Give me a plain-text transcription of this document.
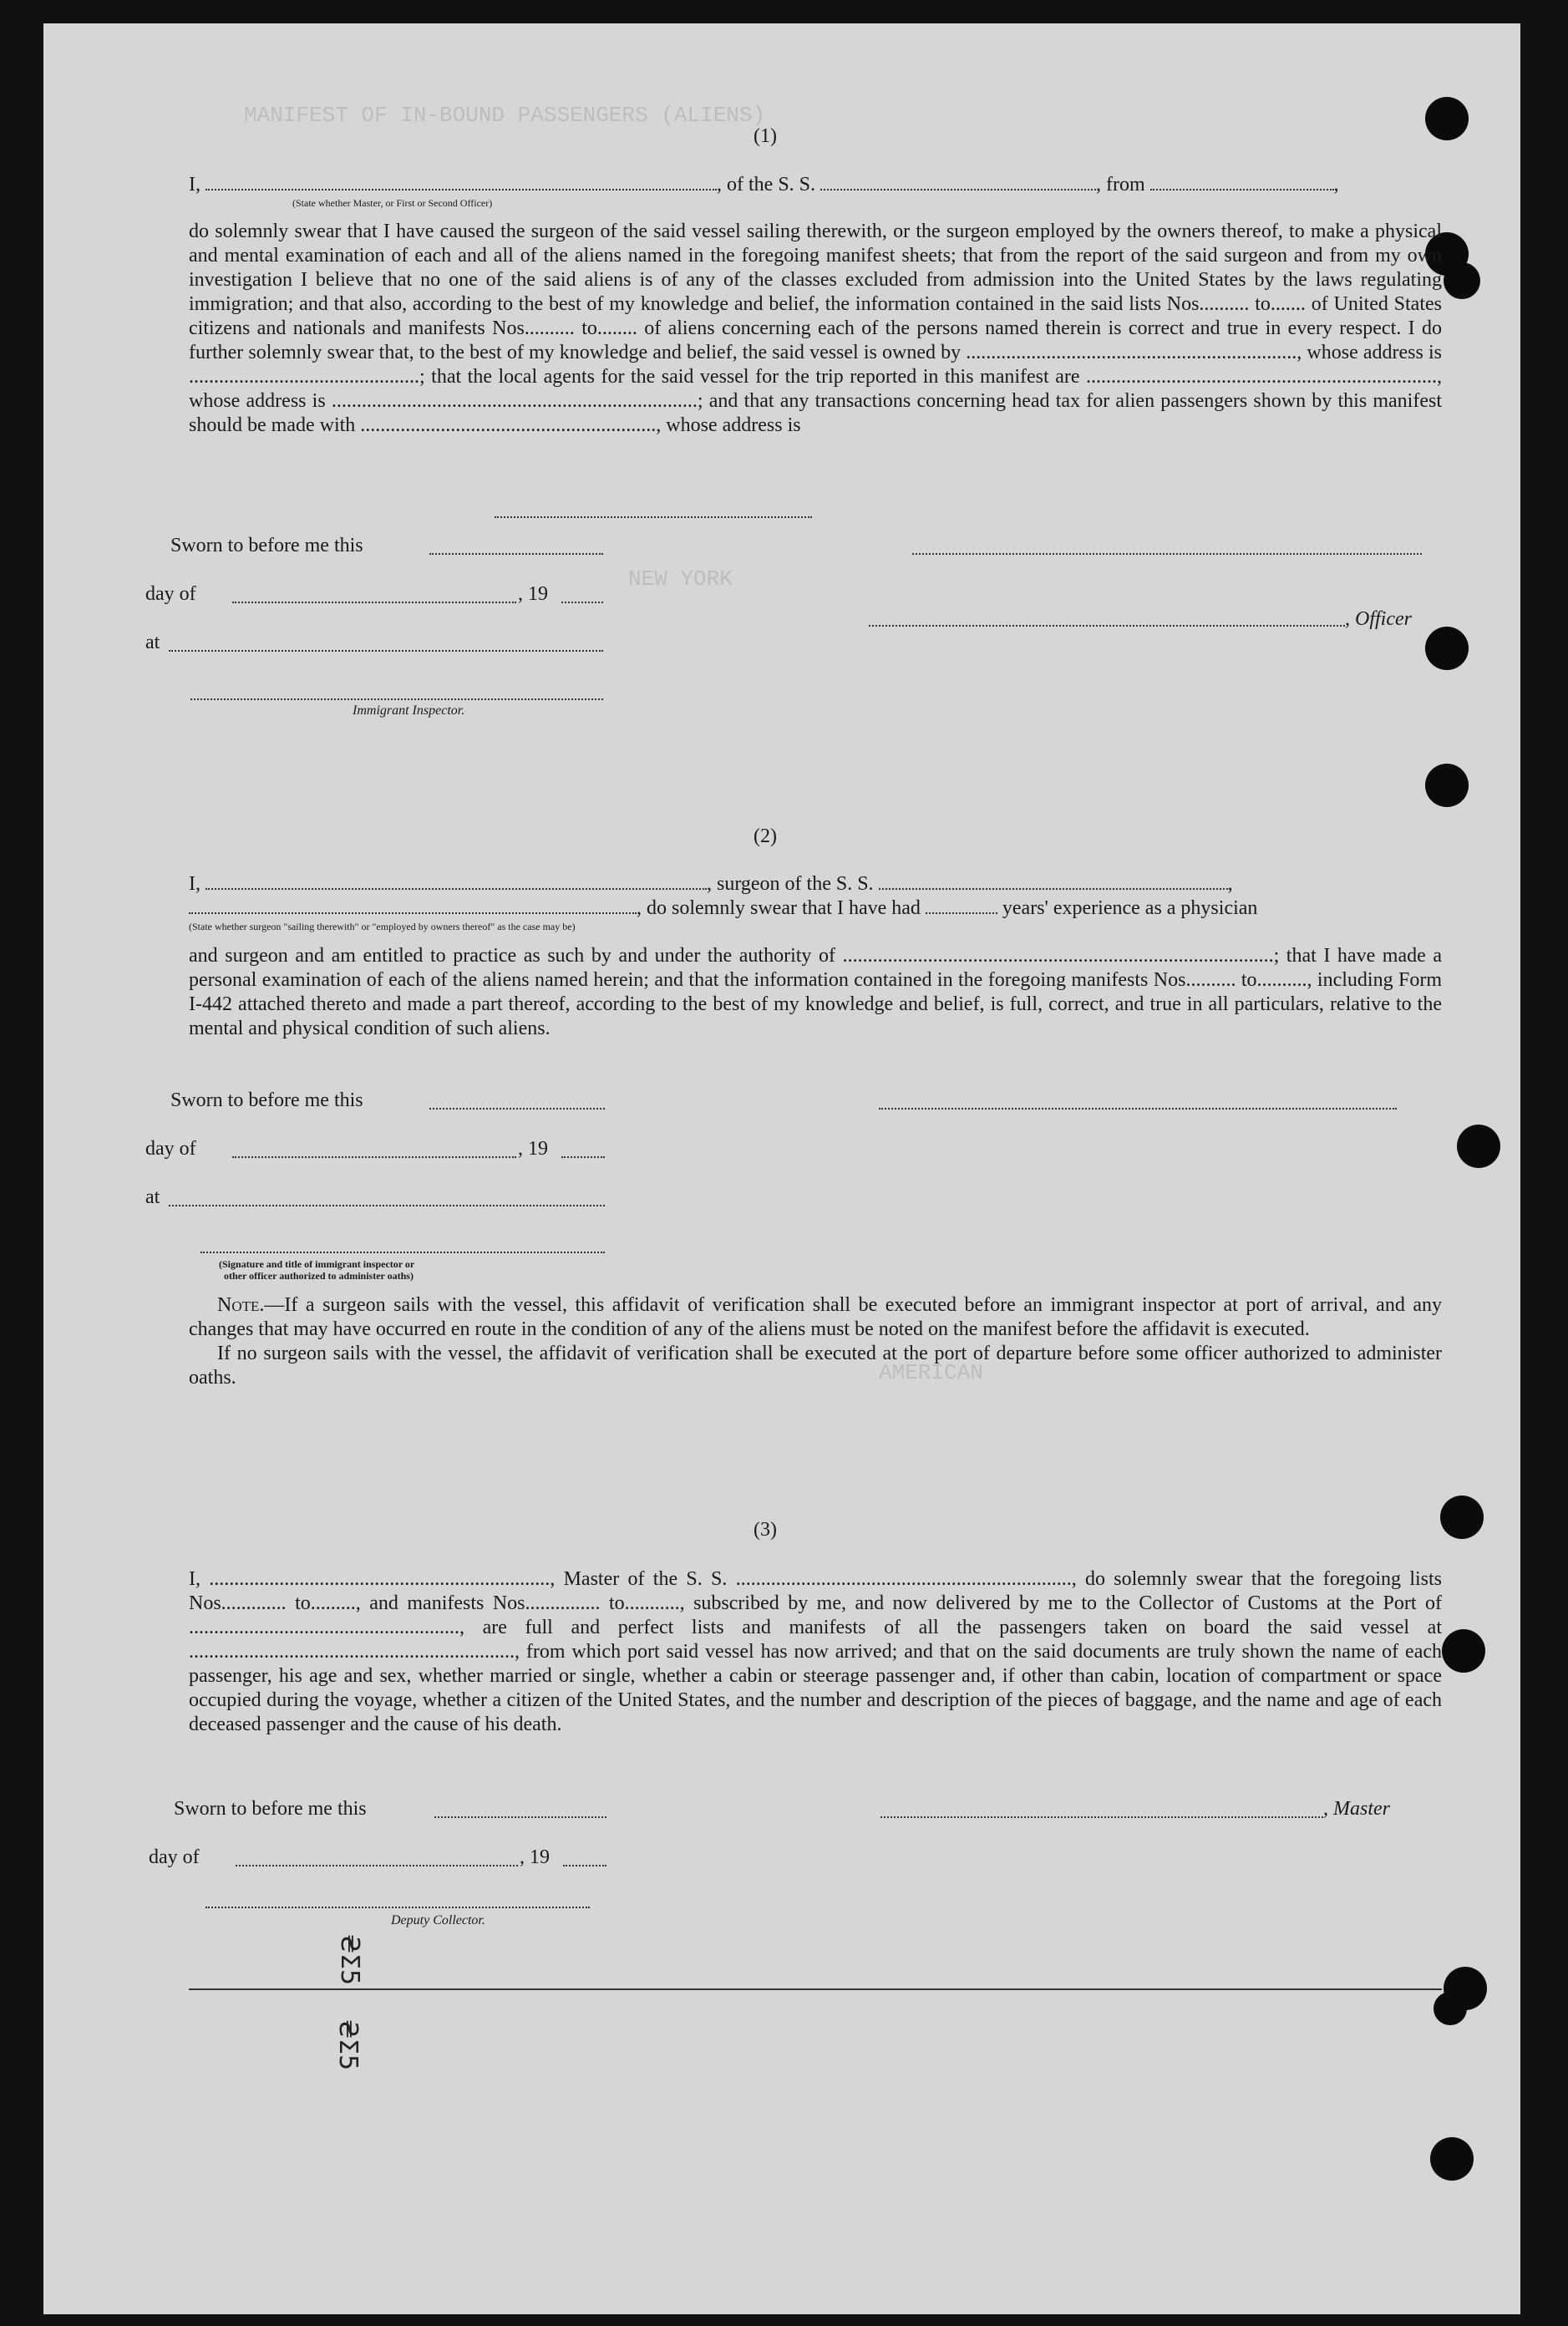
MANIFEST OF IN-BOUND PASSENGERS (ALIENS)
NEW YORK
AMERICAN
(1)
I,	, of the S. S.	, from	,
(State whether Master, or First or Second Officer)

do solemnly swear that I have caused the surgeon of the said vessel sailing therewith, or the surgeon employed by the owners thereof, to make a physical and mental examination of each and all of the aliens named in the foregoing manifest sheets; that from the report of the said surgeon and from my own investigation I believe that no one of the said aliens is of any of the classes excluded from admission into the United States by the laws regulating immigration; and that also, according to the best of my knowledge and belief, the information contained in the said lists Nos.......... to....... of United States citizens and nationals and manifests Nos.......... to........ of aliens concerning each of the persons named therein is correct and true in every respect. I do further solemnly swear that, to the best of my knowledge and belief, the said vessel is owned by .................................................................., whose address is ..............................................; that the local agents for the said vessel for the trip reported in this manifest are ......................................................................, whose address is .........................................................................; and that any transactions concerning head tax for alien passengers shown by this manifest should be made with ..........................................................., whose address is

Sworn to before me this
day of	, 19
, Officer
at
Immigrant Inspector.
(2)
I,	, surgeon of the S. S.	,
, do solemnly swear that I have had	years' experience as a physician
(State whether surgeon "sailing therewith" or "employed by owners thereof" as the case may be)

and surgeon and am entitled to practice as such by and under the authority of ......................................................................................; that I have made a personal examination of each of the aliens named herein; and that the information contained in the foregoing manifests Nos.......... to.........., including Form I-442 attached thereto and made a part thereof, according to the best of my knowledge and belief, is full, correct, and true in all particulars, relative to the mental and physical condition of such aliens.

Sworn to before me this
day of	, 19
at
(Signature and title of immigrant inspector or
other officer authorized to administer oaths)

Note.—If a surgeon sails with the vessel, this affidavit of verification shall be executed before an immigrant inspector at port of arrival, and any changes that may have occurred en route in the condition of any of the aliens must be noted on the manifest before the affidavit is executed.

If no surgeon sails with the vessel, the affidavit of verification shall be executed at the port of departure before some officer authorized to administer oaths.

(3)

I, ...................................................................., Master of the S. S. ..................................................................., do solemnly swear that the foregoing lists Nos............. to........., and manifests Nos............... to..........., subscribed by me, and now delivered by me to the Collector of Customs at the Port of ......................................................, are full and perfect lists and manifests of all the passengers taken on board the said vessel at ................................................................., from which port said vessel has now arrived; and that on the said documents are truly shown the name of each passenger, his age and sex, whether married or single, whether a cabin or steerage passenger and, if other than cabin, location of compartment or space occupied during the voyage, whether a citizen of the United States, and the number and description of the pieces of baggage, and the name and age of each deceased passenger and the cause of his death.

Sworn to before me this	, Master
day of	, 19
Deputy Collector.
₴Σ5
₴Σ5
